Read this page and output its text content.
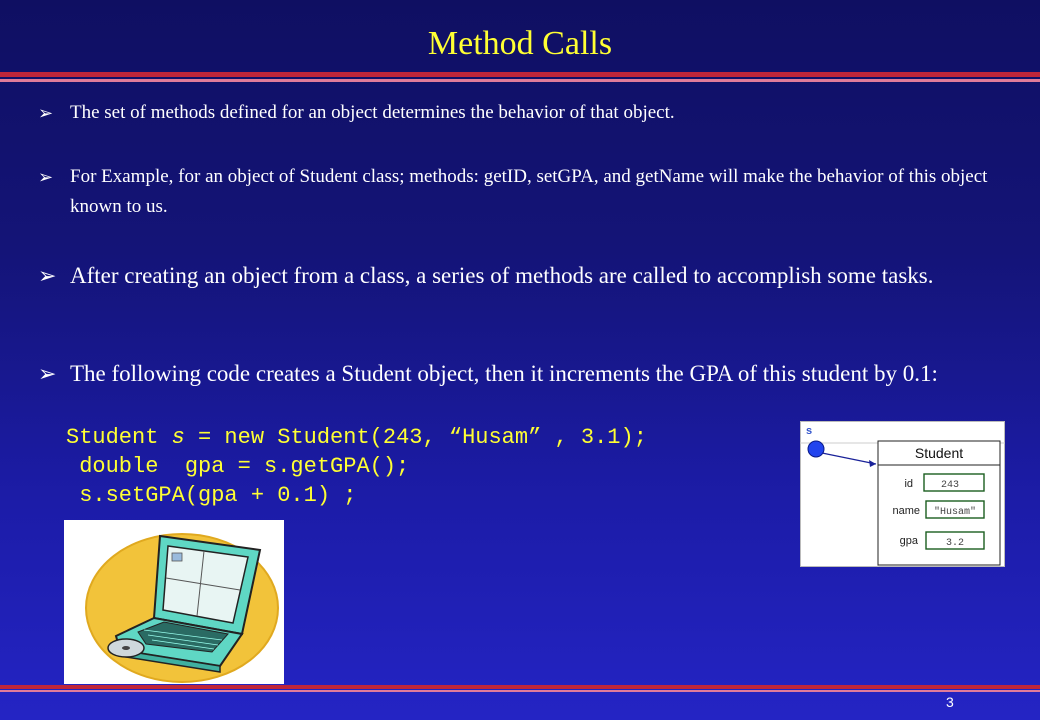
Method Calls
➢ The set of methods defined for an object determines the behavior of that object.
➢ For Example, for an object of Student class; methods: getID, setGPA, and getName will make the behavior of this object known to us.
➢ After creating an object from a class, a series of methods are called to accomplish some tasks.
➢ The following code creates a Student object, then it increments the GPA of this student by 0.1:
Student s = new Student(243, “Husam” , 3.1);
double  gpa = s.getGPA();
s.setGPA(gpa + 0.1) ;
s
Student
id	243
name "Husam"
gpa	3.2
3
